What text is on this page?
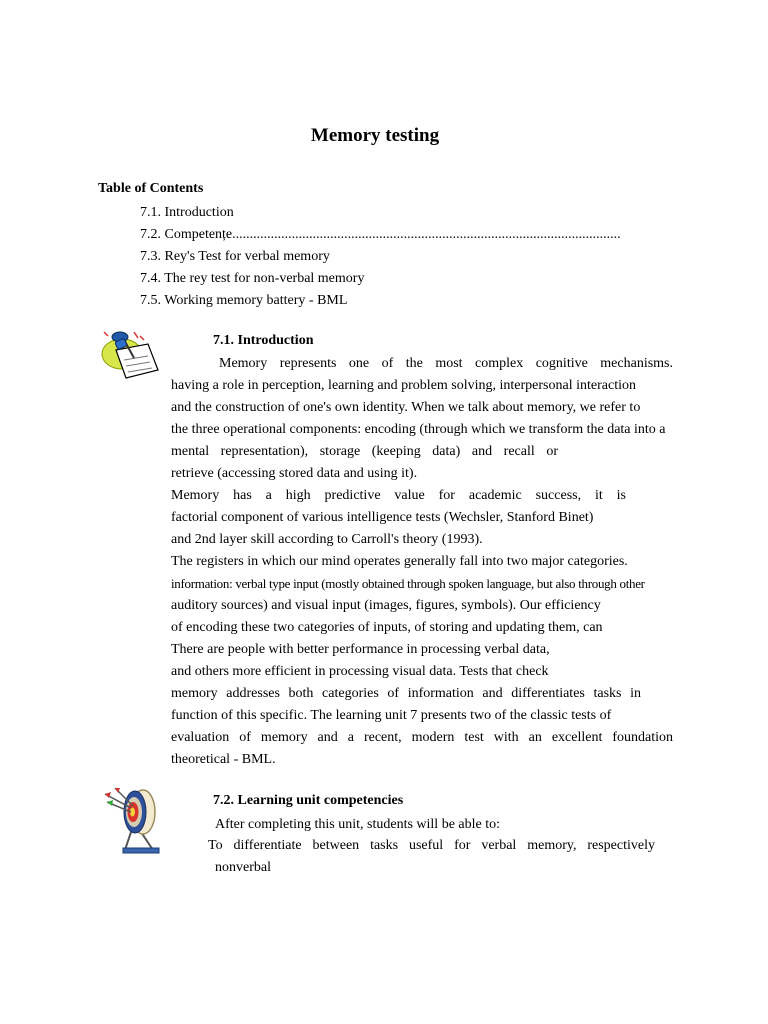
Memory testing
Table of Contents
7.1. Introduction
7.2. Competențe...............................................................................................................
7.3. Rey's Test for verbal memory
7.4. The rey test for non-verbal memory
7.5. Working memory battery - BML
7.1. Introduction
Memory represents one of the most complex cognitive mechanisms.
having a role in perception, learning and problem solving, interpersonal interaction
and the construction of one's own identity. When we talk about memory, we refer to
the three operational components: encoding (through which we transform the data into a
mental representation), storage (keeping data) and recall or
retrieve (accessing stored data and using it).
Memory has a high predictive value for academic success, it is
factorial component of various intelligence tests (Wechsler, Stanford Binet)
and 2nd layer skill according to Carroll's theory (1993).
The registers in which our mind operates generally fall into two major categories.
information: verbal type input (mostly obtained through spoken language, but also through other
auditory sources) and visual input (images, figures, symbols). Our efficiency
of encoding these two categories of inputs, of storing and updating them, can
There are people with better performance in processing verbal data,
and others more efficient in processing visual data. Tests that check
memory addresses both categories of information and differentiates tasks in
function of this specific. The learning unit 7 presents two of the classic tests of
evaluation of memory and a recent, modern test with an excellent foundation
theoretical - BML.
7.2. Learning unit competencies
After completing this unit, students will be able to:
To differentiate between tasks useful for verbal memory, respectively
nonverbal
